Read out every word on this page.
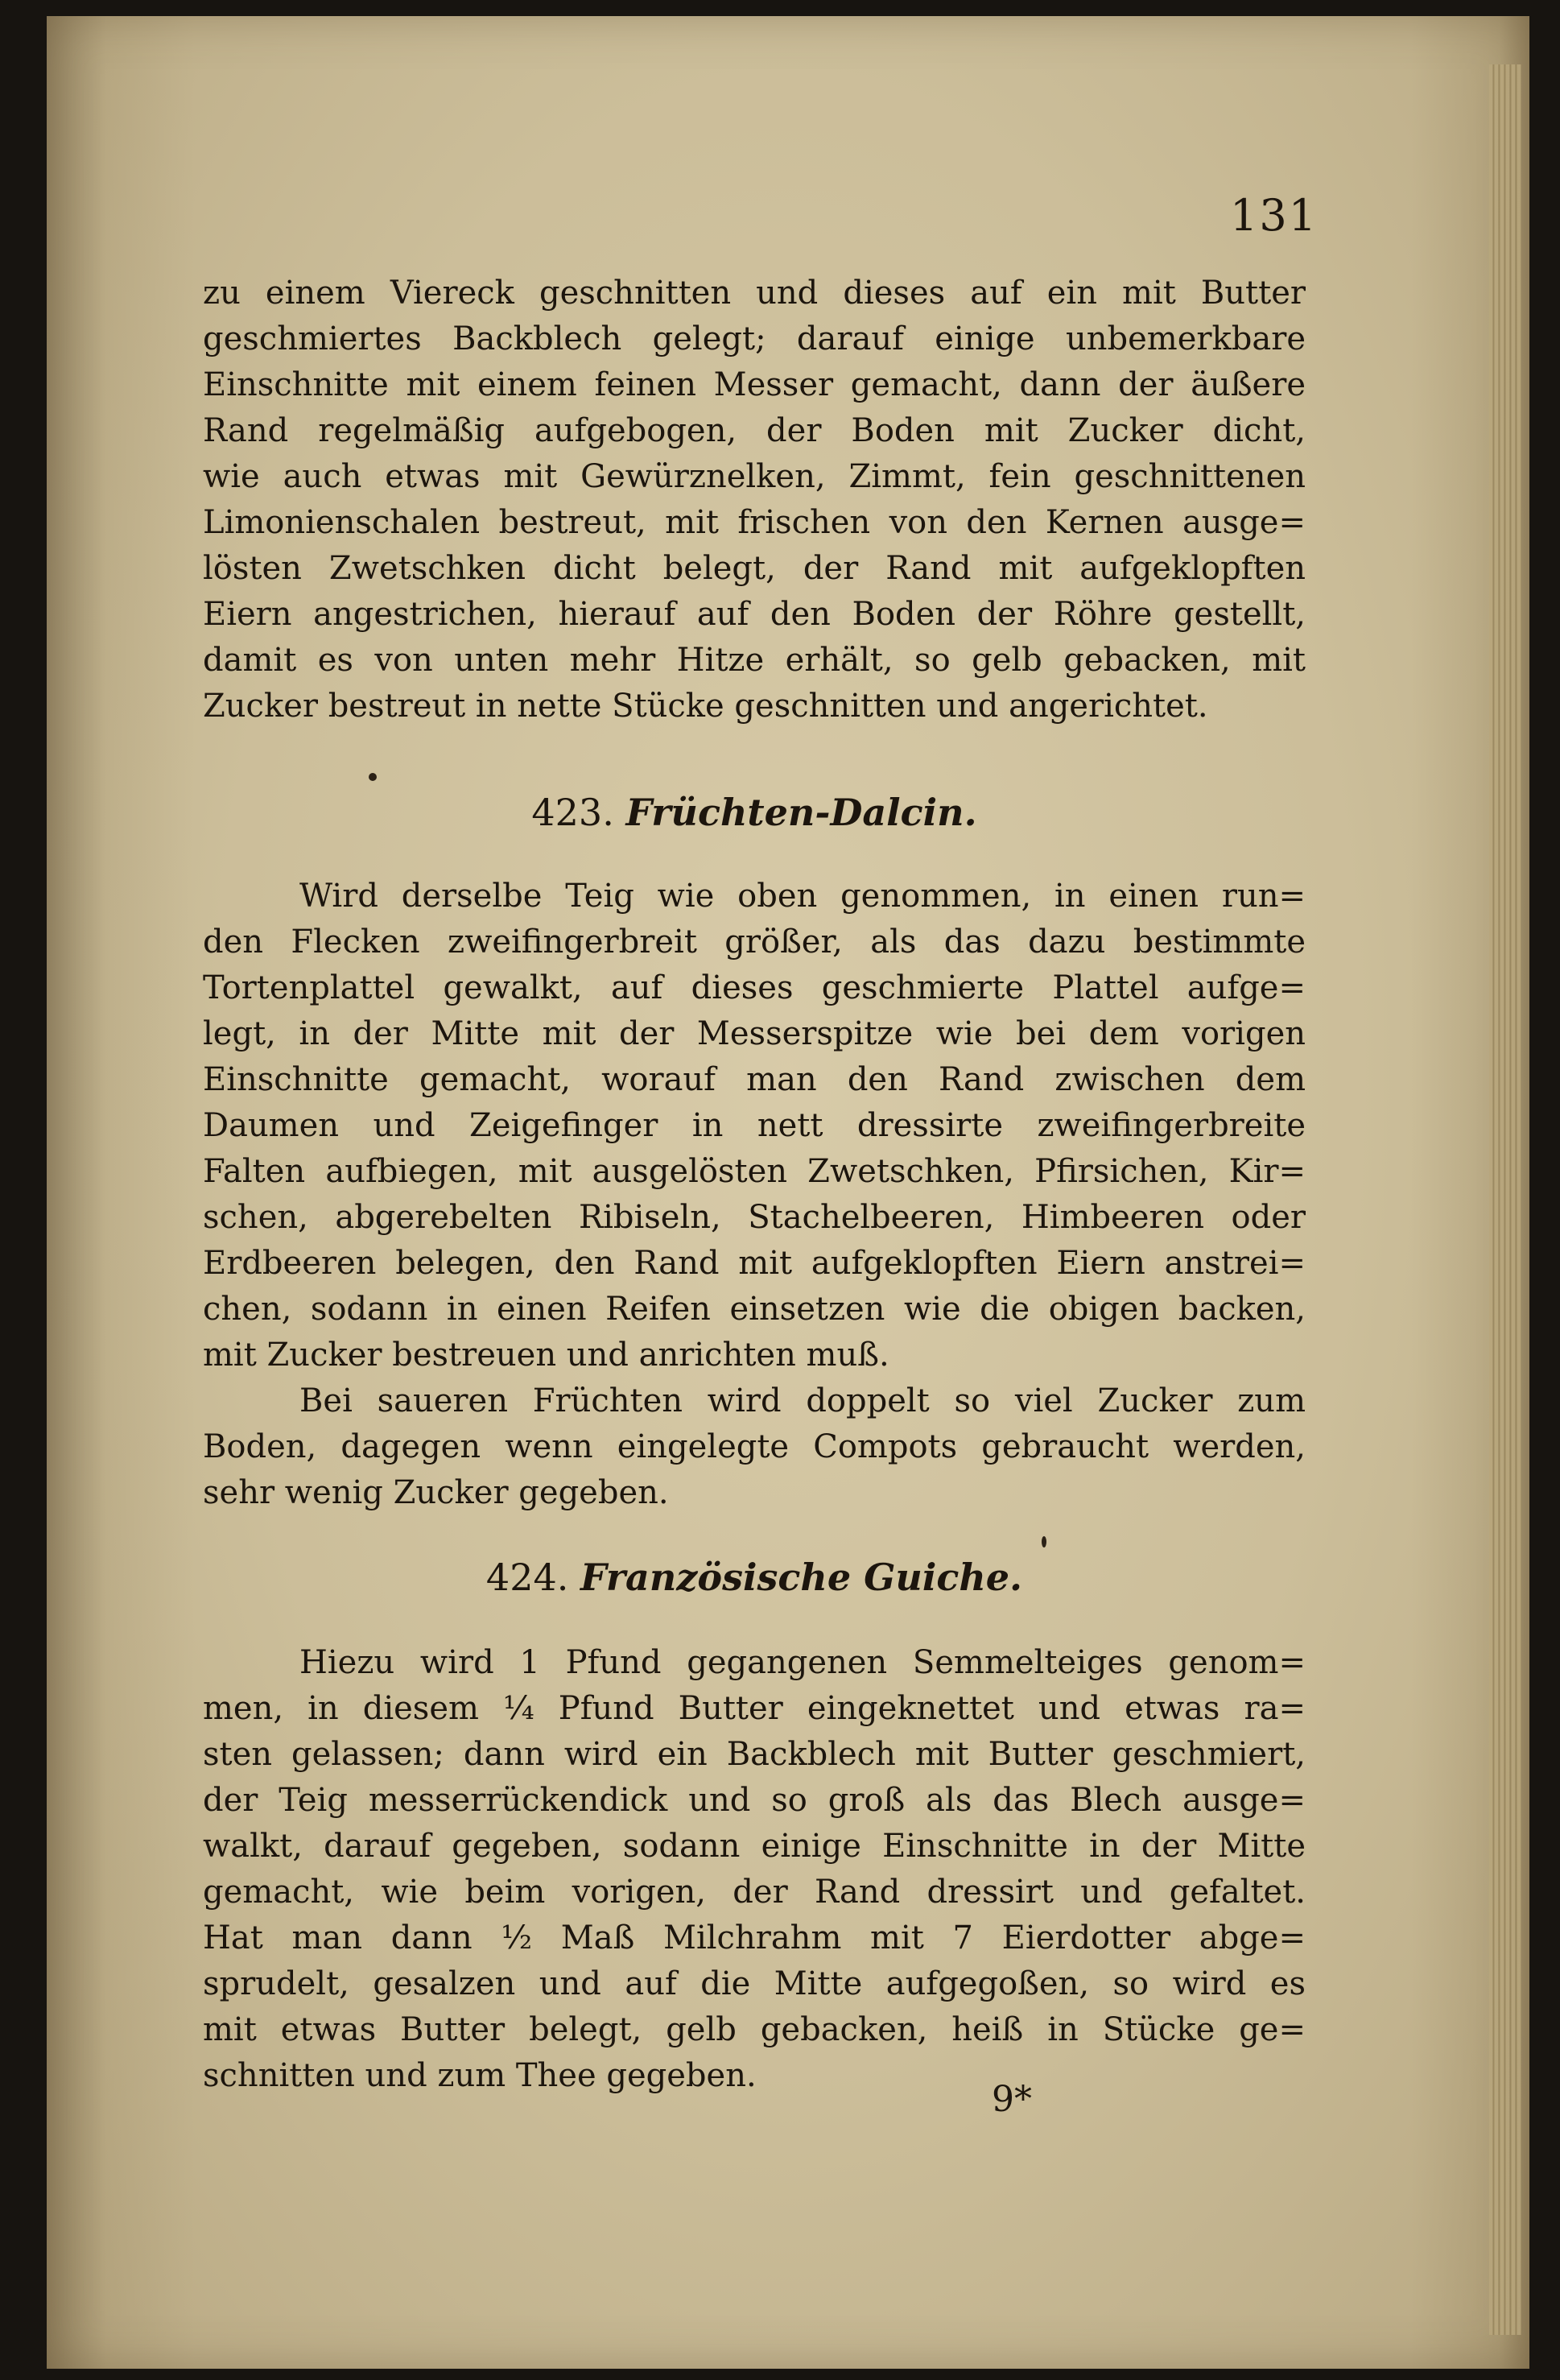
131
zu einem Viereck geschnitten und dieses auf ein mit Butter
geschmiertes Backblech gelegt; darauf einige unbemerkbare
Einschnitte mit einem feinen Messer gemacht, dann der äußere
Rand regelmäßig aufgebogen, der Boden mit Zucker dicht,
wie auch etwas mit Gewürznelken, Zimmt, fein geschnittenen
Limonienschalen bestreut, mit frischen von den Kernen ausge=
lösten Zwetschken dicht belegt, der Rand mit aufgeklopften
Eiern angestrichen, hierauf auf den Boden der Röhre gestellt,
damit es von unten mehr Hitze erhält, so gelb gebacken, mit
Zucker bestreut in nette Stücke geschnitten und angerichtet.
423. Früchten-Dalcin.
Wird derselbe Teig wie oben genommen, in einen run=
den Flecken zweifingerbreit größer, als das dazu bestimmte
Tortenplattel gewalkt, auf dieses geschmierte Plattel aufge=
legt, in der Mitte mit der Messerspitze wie bei dem vorigen
Einschnitte gemacht, worauf man den Rand zwischen dem
Daumen und Zeigefinger in nett dressirte zweifingerbreite
Falten aufbiegen, mit ausgelösten Zwetschken, Pfirsichen, Kir=
schen, abgerebelten Ribiseln, Stachelbeeren, Himbeeren oder
Erdbeeren belegen, den Rand mit aufgeklopften Eiern anstrei=
chen, sodann in einen Reifen einsetzen wie die obigen backen,
mit Zucker bestreuen und anrichten muß.
Bei saueren Früchten wird doppelt so viel Zucker zum
Boden, dagegen wenn eingelegte Compots gebraucht werden,
sehr wenig Zucker gegeben.
424. Französische Guiche.
Hiezu wird 1 Pfund gegangenen Semmelteiges genom=
men, in diesem ¼ Pfund Butter eingeknettet und etwas ra=
sten gelassen; dann wird ein Backblech mit Butter geschmiert,
der Teig messerrückendick und so groß als das Blech ausge=
walkt, darauf gegeben, sodann einige Einschnitte in der Mitte
gemacht, wie beim vorigen, der Rand dressirt und gefaltet.
Hat man dann ½ Maß Milchrahm mit 7 Eierdotter abge=
sprudelt, gesalzen und auf die Mitte aufgegoßen, so wird es
mit etwas Butter belegt, gelb gebacken, heiß in Stücke ge=
schnitten und zum Thee gegeben.
9*
